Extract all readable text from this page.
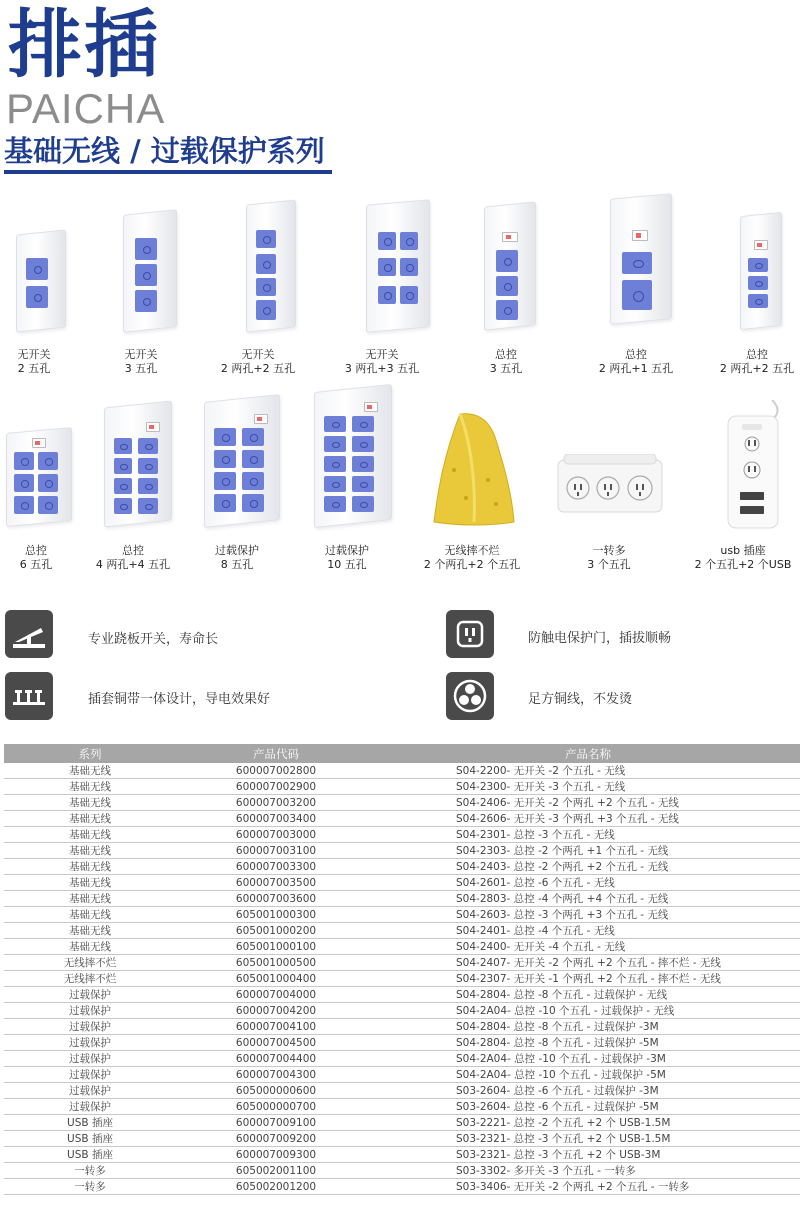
排插
PAICHA
基础无线 / 过载保护系列
无开关
2 五孔
无开关
3 五孔
无开关
2 两孔+2 五孔
无开关
3 两孔+3 五孔
总控
3 五孔
总控
2 两孔+1 五孔
总控
2 两孔+2 五孔
总控
6 五孔
总控
4 两孔+4 五孔
过载保护
8 五孔
过载保护
10 五孔
无线摔不烂
2 个两孔+2 个五孔
一转多
3 个五孔
usb 插座
2 个五孔+2 个USB
专业跷板开关，寿命长	防触电保护门，插拔顺畅
插套铜带一体设计，导电效果好	足方铜线，不发烫
系列	产品代码	产品名称
基础无线	600007002800	S04-2200- 无开关 -2 个五孔 - 无线
基础无线	600007002900	S04-2300- 无开关 -3 个五孔 - 无线
基础无线	600007003200	S04-2406- 无开关 -2 个两孔 +2 个五孔 - 无线
基础无线	600007003400	S04-2606- 无开关 -3 个两孔 +3 个五孔 - 无线
基础无线	600007003000	S04-2301- 总控 -3 个五孔 - 无线
基础无线	600007003100	S04-2303- 总控 -2 个两孔 +1 个五孔 - 无线
基础无线	600007003300	S04-2403- 总控 -2 个两孔 +2 个五孔 - 无线
基础无线	600007003500	S04-2601- 总控 -6 个五孔 - 无线
基础无线	600007003600	S04-2803- 总控 -4 个两孔 +4 个五孔 - 无线
基础无线	605001000300	S04-2603- 总控 -3 个两孔 +3 个五孔 - 无线
基础无线	605001000200	S04-2401- 总控 -4 个五孔 - 无线
基础无线	605001000100	S04-2400- 无开关 -4 个五孔 - 无线
无线摔不烂	605001000500	S04-2407- 无开关 -2 个两孔 +2 个五孔 - 摔不烂 - 无线
无线摔不烂	605001000400	S04-2307- 无开关 -1 个两孔 +2 个五孔 - 摔不烂 - 无线
过载保护	600007004000	S04-2804- 总控 -8 个五孔 - 过载保护 - 无线
过载保护	600007004200	S04-2A04- 总控 -10 个五孔 - 过载保护 - 无线
过载保护	600007004100	S04-2804- 总控 -8 个五孔 - 过载保护 -3M
过载保护	600007004500	S04-2804- 总控 -8 个五孔 - 过载保护 -5M
过载保护	600007004400	S04-2A04- 总控 -10 个五孔 - 过载保护 -3M
过载保护	600007004300	S04-2A04- 总控 -10 个五孔 - 过载保护 -5M
过载保护	605000000600	S03-2604- 总控 -6 个五孔 - 过载保护 -3M
过载保护	605000000700	S03-2604- 总控 -6 个五孔 - 过载保护 -5M
USB 插座	600007009100	S03-2221- 总控 -2 个五孔 +2 个 USB-1.5M
USB 插座	600007009200	S03-2321- 总控 -3 个五孔 +2 个 USB-1.5M
USB 插座	600007009300	S03-2321- 总控 -3 个五孔 +2 个 USB-3M
一转多	605002001100	S03-3302- 多开关 -3 个五孔 - 一转多
一转多	605002001200	S03-3406- 无开关 -2 个两孔 +2 个五孔 - 一转多
